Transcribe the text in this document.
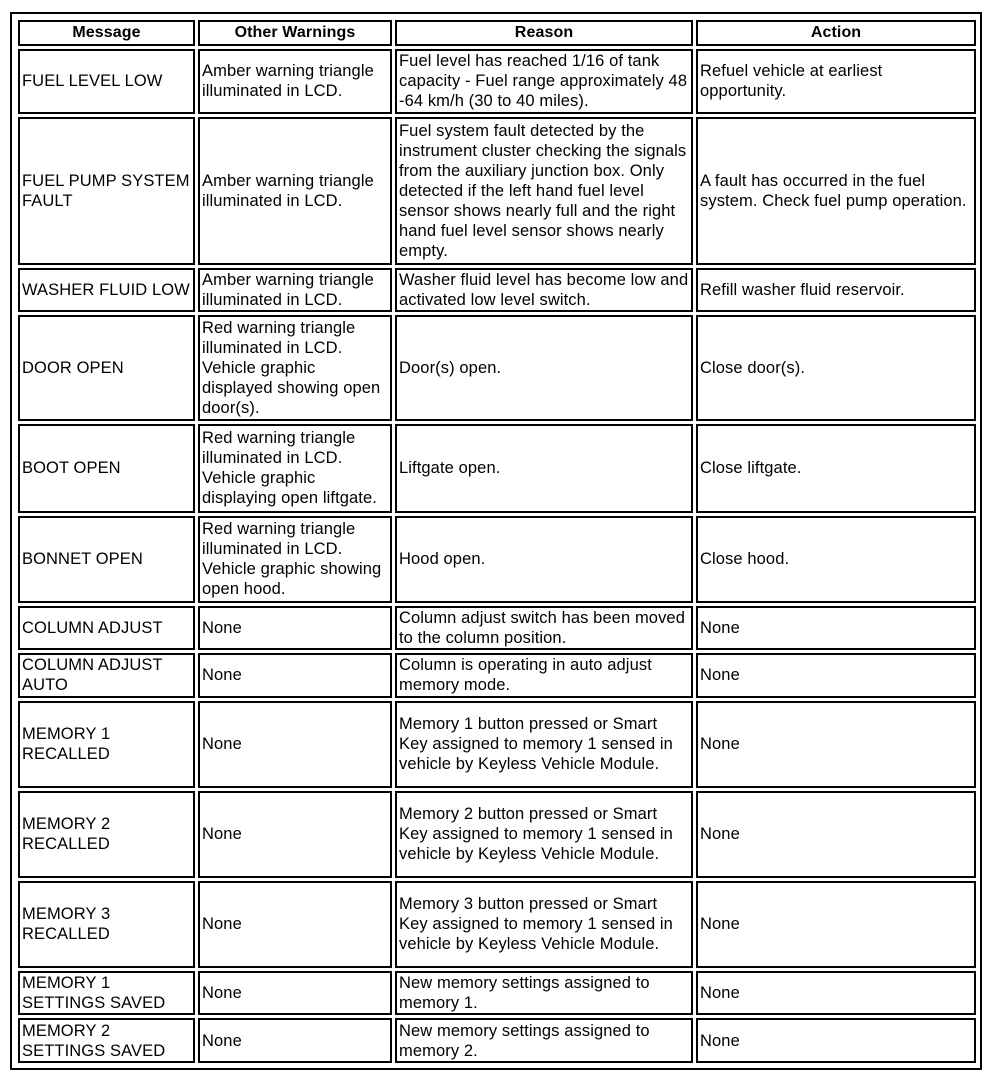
Message	Other Warnings	Reason	Action
FUEL LEVEL LOW	Amber warning triangle illuminated in LCD.	Fuel level has reached 1/16 of tank capacity - Fuel range approximately 48 -64 km/h (30 to 40 miles).	Refuel vehicle at earliest opportunity.
FUEL PUMP SYSTEM FAULT	Amber warning triangle illuminated in LCD.	Fuel system fault detected by the instrument cluster checking the signals from the auxiliary junction box. Only detected if the left hand fuel level sensor shows nearly full and the right hand fuel level sensor shows nearly empty.	A fault has occurred in the fuel system. Check fuel pump operation.
WASHER FLUID LOW	Amber warning triangle illuminated in LCD.	Washer fluid level has become low and activated low level switch.	Refill washer fluid reservoir.
DOOR OPEN	Red warning triangle illuminated in LCD. Vehicle graphic displayed showing open door(s).	Door(s) open.	Close door(s).
BOOT OPEN	Red warning triangle illuminated in LCD. Vehicle graphic displaying open liftgate.	Liftgate open.	Close liftgate.
BONNET OPEN	Red warning triangle illuminated in LCD. Vehicle graphic showing open hood.	Hood open.	Close hood.
COLUMN ADJUST	None	Column adjust switch has been moved to the column position.	None
COLUMN ADJUST AUTO	None	Column is operating in auto adjust memory mode.	None
MEMORY 1 RECALLED	None	Memory 1 button pressed or Smart Key assigned to memory 1 sensed in vehicle by Keyless Vehicle Module.	None
MEMORY 2 RECALLED	None	Memory 2 button pressed or Smart Key assigned to memory 1 sensed in vehicle by Keyless Vehicle Module.	None
MEMORY 3 RECALLED	None	Memory 3 button pressed or Smart Key assigned to memory 1 sensed in vehicle by Keyless Vehicle Module.	None
MEMORY 1 SETTINGS SAVED	None	New memory settings assigned to memory 1.	None
MEMORY 2 SETTINGS SAVED	None	New memory settings assigned to memory 2.	None
